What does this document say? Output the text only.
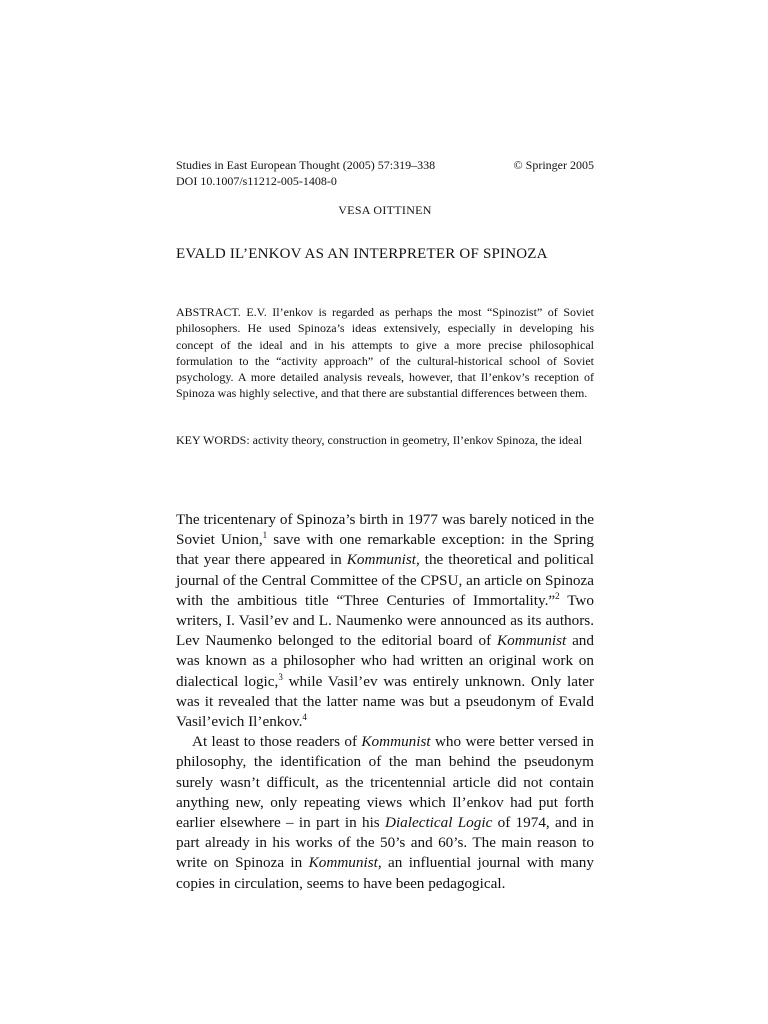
Studies in East European Thought (2005) 57:319–338	© Springer 2005
DOI 10.1007/s11212-005-1408-0
VESA OITTINEN
EVALD IL’ENKOV AS AN INTERPRETER OF SPINOZA
ABSTRACT. E.V. Il’enkov is regarded as perhaps the most “Spinozist” of Soviet philosophers. He used Spinoza’s ideas extensively, especially in developing his concept of the ideal and in his attempts to give a more precise philosophical formulation to the “activity approach” of the cultural-historical school of Soviet psychology. A more detailed analysis reveals, however, that Il’enkov’s reception of Spinoza was highly selective, and that there are substantial differences between them.
KEY WORDS: activity theory, construction in geometry, Il’enkov Spinoza, the ideal

The tricentenary of Spinoza’s birth in 1977 was barely noticed in the Soviet Union,$^1$ save with one remarkable exception: in the Spring that year there appeared in Kommunist, the theoretical and political journal of the Central Committee of the CPSU, an article on Spinoza with the ambitious title “Three Centuries of Immortality.”$^2$ Two writers, I. Vasil’ev and L. Naumenko were announced as its authors. Lev Naumenko belonged to the editorial board of Kommunist and was known as a philosopher who had written an original work on dialectical logic,$^3$ while Vasil’ev was entirely unknown. Only later was it revealed that the latter name was but a pseudonym of Evald Vasil’evich Il’enkov.$^4$

At least to those readers of Kommunist who were better versed in philosophy, the identification of the man behind the pseudonym surely wasn’t difficult, as the tricentennial article did not contain anything new, only repeating views which Il’enkov had put forth earlier elsewhere – in part in his Dialectical Logic of 1974, and in part already in his works of the 50’s and 60’s. The main reason to write on Spinoza in Kommunist, an influential journal with many copies in circulation, seems to have been pedagogical.
